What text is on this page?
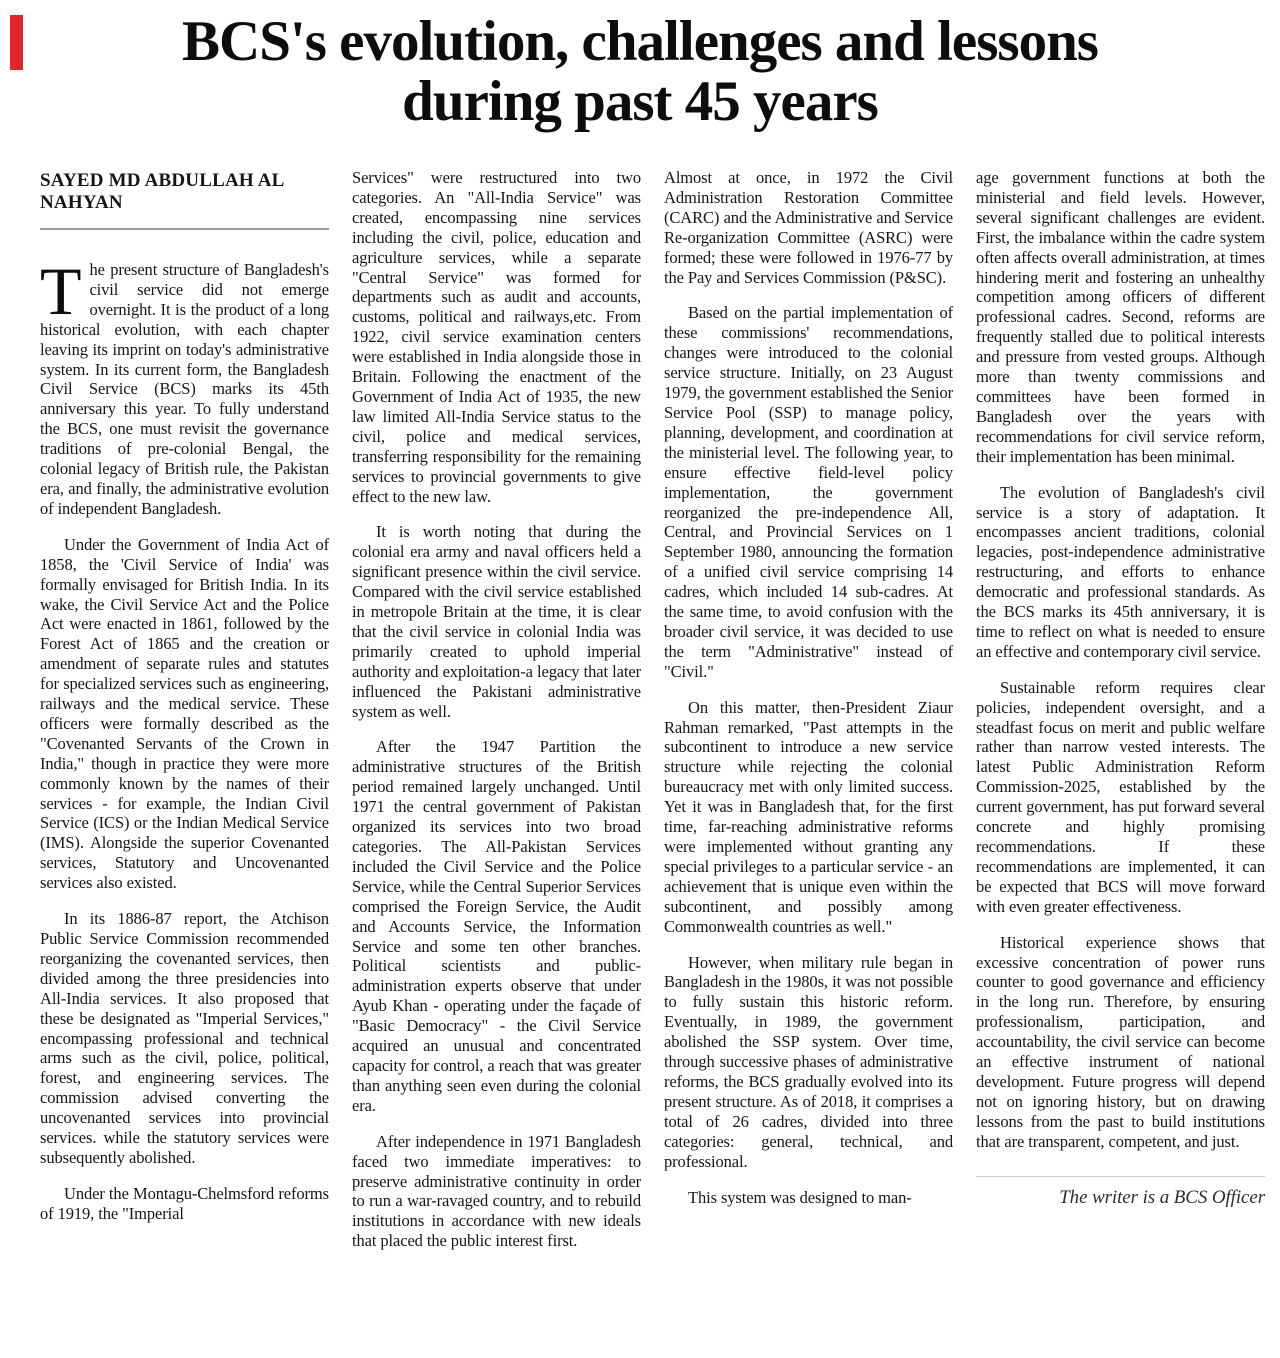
BCS's evolution, challenges and lessons during past 45 years
SAYED MD ABDULLAH AL NAHYAN

The present structure of Bangladesh's civil service did not emerge overnight. It is the product of a long historical evolution, with each chapter leaving its imprint on today's administrative system. In its current form, the Bangladesh Civil Service (BCS) marks its 45th anniversary this year. To fully understand the BCS, one must revisit the governance traditions of pre-colonial Bengal, the colonial legacy of British rule, the Pakistan era, and finally, the administrative evolution of independent Bangladesh.

Under the Government of India Act of 1858, the 'Civil Service of India' was formally envisaged for British India. In its wake, the Civil Service Act and the Police Act were enacted in 1861, followed by the Forest Act of 1865 and the creation or amendment of separate rules and statutes for specialized services such as engineering, railways and the medical service. These officers were formally described as the "Covenanted Servants of the Crown in India," though in practice they were more commonly known by the names of their services - for example, the Indian Civil Service (ICS) or the Indian Medical Service (IMS). Alongside the superior Covenanted services, Statutory and Uncovenanted services also existed.

In its 1886-87 report, the Atchison Public Service Commission recommended reorganizing the covenanted services, then divided among the three presidencies into All-India services. It also proposed that these be designated as "Imperial Services," encompassing professional and technical arms such as the civil, police, political, forest, and engineering services. The commission advised converting the uncovenanted services into provincial services. while the statutory services were subsequently abolished.

Under the Montagu-Chelmsford reforms of 1919, the "Imperial

Services" were restructured into two categories. An "All-India Service" was created, encompassing nine services including the civil, police, education and agriculture services, while a separate "Central Service" was formed for departments such as audit and accounts, customs, political and railways,etc. From 1922, civil service examination centers were established in India alongside those in Britain. Following the enactment of the Government of India Act of 1935, the new law limited All-India Service status to the civil, police and medical services, transferring responsibility for the remaining services to provincial governments to give effect to the new law.

It is worth noting that during the colonial era army and naval officers held a significant presence within the civil service. Compared with the civil service established in metropole Britain at the time, it is clear that the civil service in colonial India was primarily created to uphold imperial authority and exploitation-a legacy that later influenced the Pakistani administrative system as well.

After the 1947 Partition the administrative structures of the British period remained largely unchanged. Until 1971 the central government of Pakistan organized its services into two broad categories. The All-Pakistan Services included the Civil Service and the Police Service, while the Central Superior Services comprised the Foreign Service, the Audit and Accounts Service, the Information Service and some ten other branches. Political scientists and public-administration experts observe that under Ayub Khan - operating under the façade of "Basic Democracy" - the Civil Service acquired an unusual and concentrated capacity for control, a reach that was greater than anything seen even during the colonial era.

After independence in 1971 Bangladesh faced two immediate imperatives: to preserve administrative continuity in order to run a war-ravaged country, and to rebuild institutions in accordance with new ideals that placed the public interest first.

Almost at once, in 1972 the Civil Administration Restoration Committee (CARC) and the Administrative and Service Re-organization Committee (ASRC) were formed; these were followed in 1976-77 by the Pay and Services Commission (P&SC).

Based on the partial implementation of these commissions' recommendations, changes were introduced to the colonial service structure. Initially, on 23 August 1979, the government established the Senior Service Pool (SSP) to manage policy, planning, development, and coordination at the ministerial level. The following year, to ensure effective field-level policy implementation, the government reorganized the pre-independence All, Central, and Provincial Services on 1 September 1980, announcing the formation of a unified civil service comprising 14 cadres, which included 14 sub-cadres. At the same time, to avoid confusion with the broader civil service, it was decided to use the term "Administrative" instead of "Civil."

On this matter, then-President Ziaur Rahman remarked, "Past attempts in the subcontinent to introduce a new service structure while rejecting the colonial bureaucracy met with only limited success. Yet it was in Bangladesh that, for the first time, far-reaching administrative reforms were implemented without granting any special privileges to a particular service - an achievement that is unique even within the subcontinent, and possibly among Commonwealth countries as well."

However, when military rule began in Bangladesh in the 1980s, it was not possible to fully sustain this historic reform. Eventually, in 1989, the government abolished the SSP system. Over time, through successive phases of administrative reforms, the BCS gradually evolved into its present structure. As of 2018, it comprises a total of 26 cadres, divided into three categories: general, technical, and professional.

This system was designed to man-

age government functions at both the ministerial and field levels. However, several significant challenges are evident. First, the imbalance within the cadre system often affects overall administration, at times hindering merit and fostering an unhealthy competition among officers of different professional cadres. Second, reforms are frequently stalled due to political interests and pressure from vested groups. Although more than twenty commissions and committees have been formed in Bangladesh over the years with recommendations for civil service reform, their implementation has been minimal.

The evolution of Bangladesh's civil service is a story of adaptation. It encompasses ancient traditions, colonial legacies, post-independence administrative restructuring, and efforts to enhance democratic and professional standards. As the BCS marks its 45th anniversary, it is time to reflect on what is needed to ensure an effective and contemporary civil service.

Sustainable reform requires clear policies, independent oversight, and a steadfast focus on merit and public welfare rather than narrow vested interests. The latest Public Administration Reform Commission-2025, established by the current government, has put forward several concrete and highly promising recommendations. If these recommendations are implemented, it can be expected that BCS will move forward with even greater effectiveness.

Historical experience shows that excessive concentration of power runs counter to good governance and efficiency in the long run. Therefore, by ensuring professionalism, participation, and accountability, the civil service can become an effective instrument of national development. Future progress will depend not on ignoring history, but on drawing lessons from the past to build institutions that are transparent, competent, and just.

The writer is a BCS Officer
